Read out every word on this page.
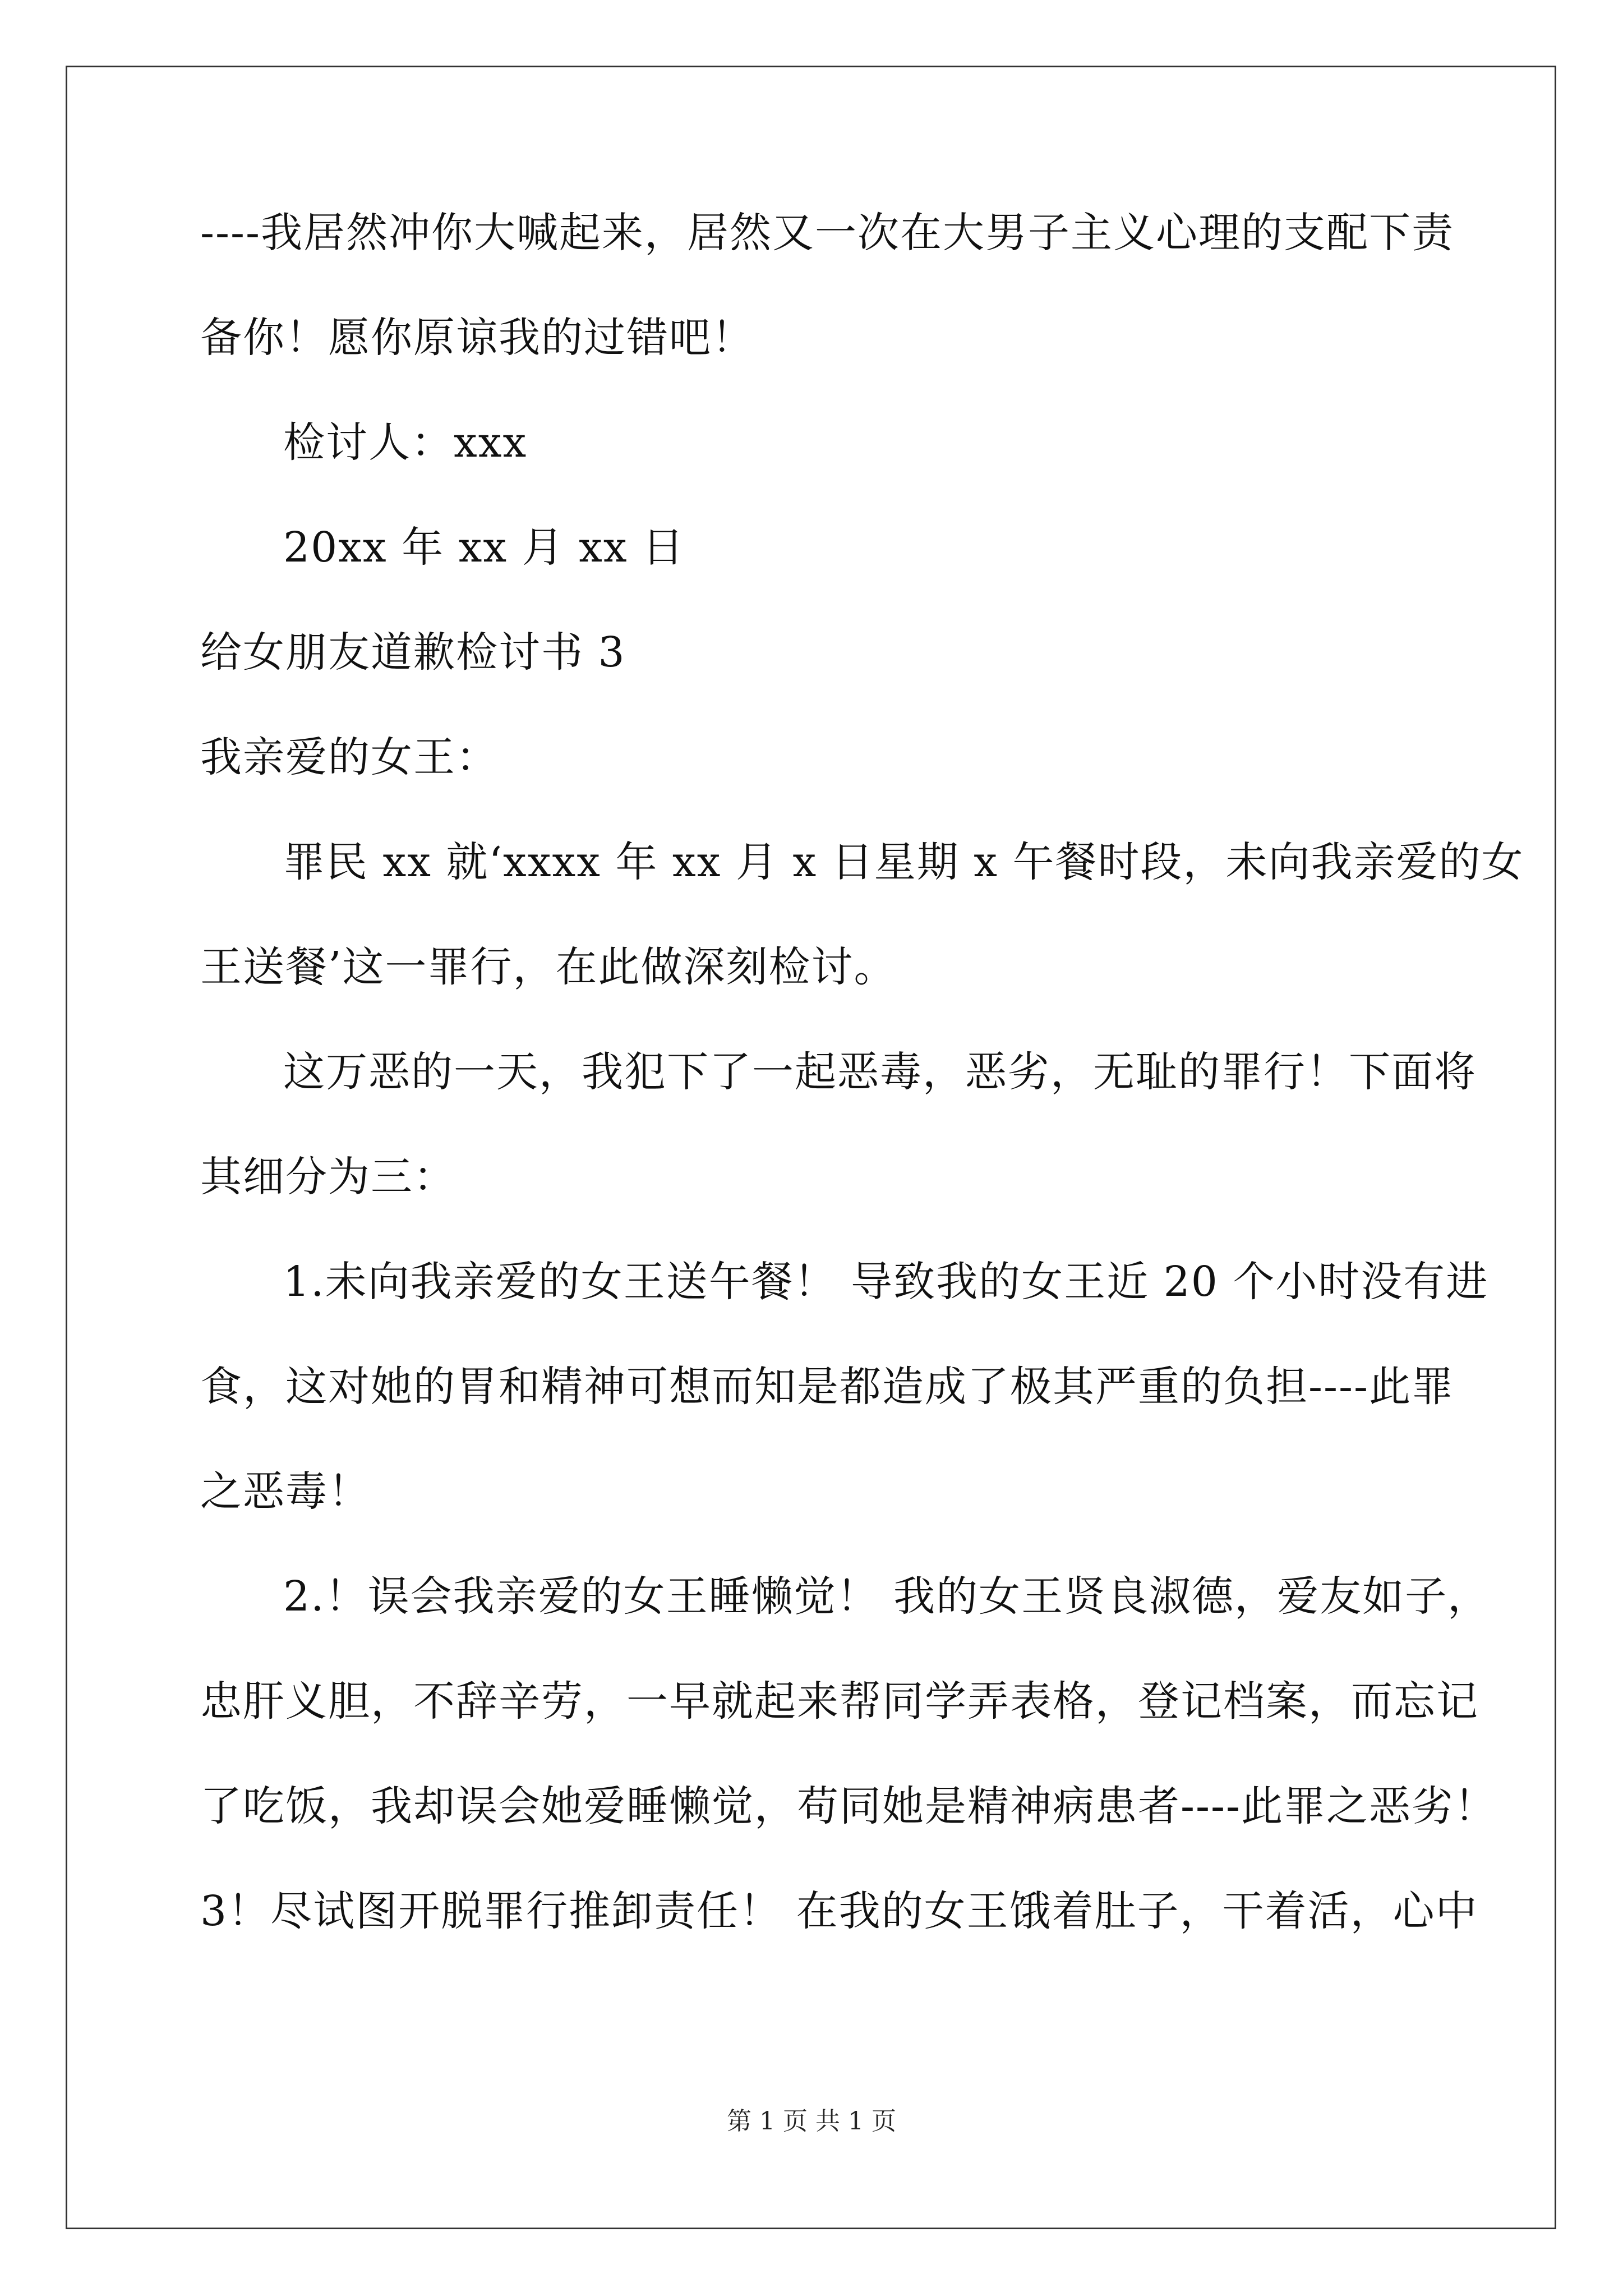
----我居然冲你大喊起来，居然又一次在大男子主义心理的支配下责
备你！愿你原谅我的过错吧！
检讨人：xxx
20xx 年 xx 月 xx 日
给女朋友道歉检讨书 3
我亲爱的女王：
罪民 xx 就‘xxxx 年 xx 月 x 日星期 x 午餐时段，未向我亲爱的女
王送餐’这一罪行，在此做深刻检讨。
这万恶的一天，我犯下了一起恶毒，恶劣，无耻的罪行！下面将
其细分为三：
1.未向我亲爱的女王送午餐！ 导致我的女王近 20 个小时没有进
食，这对她的胃和精神可想而知是都造成了极其严重的负担----此罪
之恶毒！
2.！误会我亲爱的女王睡懒觉！ 我的女王贤良淑德，爱友如子，
忠肝义胆，不辞辛劳，一早就起来帮同学弄表格，登记档案，而忘记
了吃饭，我却误会她爱睡懒觉，苟同她是精神病患者----此罪之恶劣！
3！尽试图开脱罪行推卸责任！ 在我的女王饿着肚子，干着活，心中
第 1 页 共 1 页
